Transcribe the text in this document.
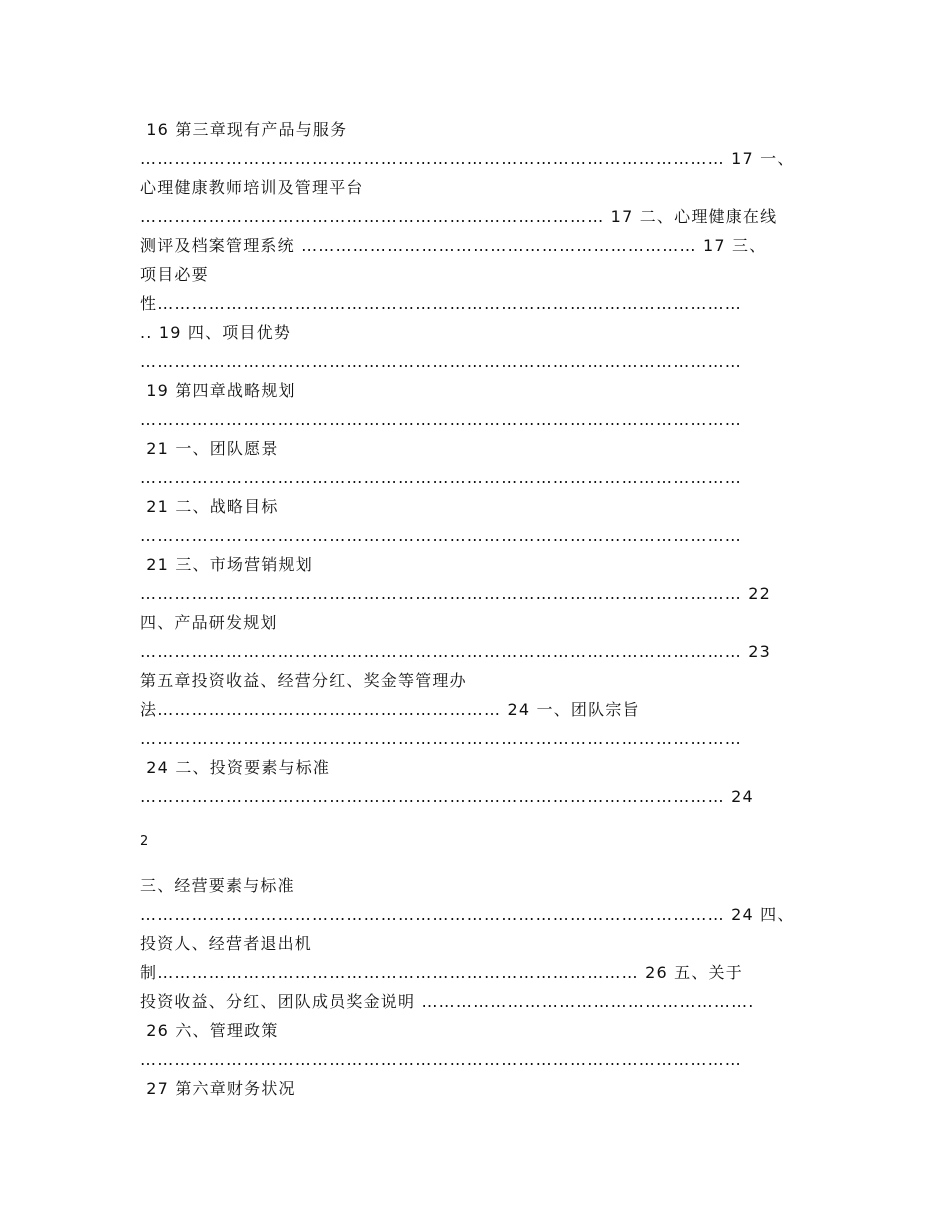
16 第三章现有产品与服务
………………………………………………………………………………………… 17 一、
心理健康教师培训及管理平台
……………………………………………………………………… 17 二、心理健康在线
测评及档案管理系统 …………………………………………………………… 17 三、
项目必要
性…………………………………………………………………………………………
.. 19 四、项目优势
……………………………………………………………………………………………
19 第四章战略规划
……………………………………………………………………………………………
21 一、团队愿景
……………………………………………………………………………………………
21 二、战略目标
……………………………………………………………………………………………
21 三、市场营销规划
…………………………………………………………………………………………… 22
四、产品研发规划
…………………………………………………………………………………………… 23
第五章投资收益、经营分红、奖金等管理办
法…………………………………………………… 24 一、团队宗旨
……………………………………………………………………………………………
24 二、投资要素与标准
………………………………………………………………………………………… 24
2
三、经营要素与标准
………………………………………………………………………………………… 24 四、
投资人、经营者退出机
制………………………………………………………………………… 26 五、关于
投资收益、分红、团队成员奖金说明 ………………………………………………….
26 六、管理政策
……………………………………………………………………………………………
27 第六章财务状况
